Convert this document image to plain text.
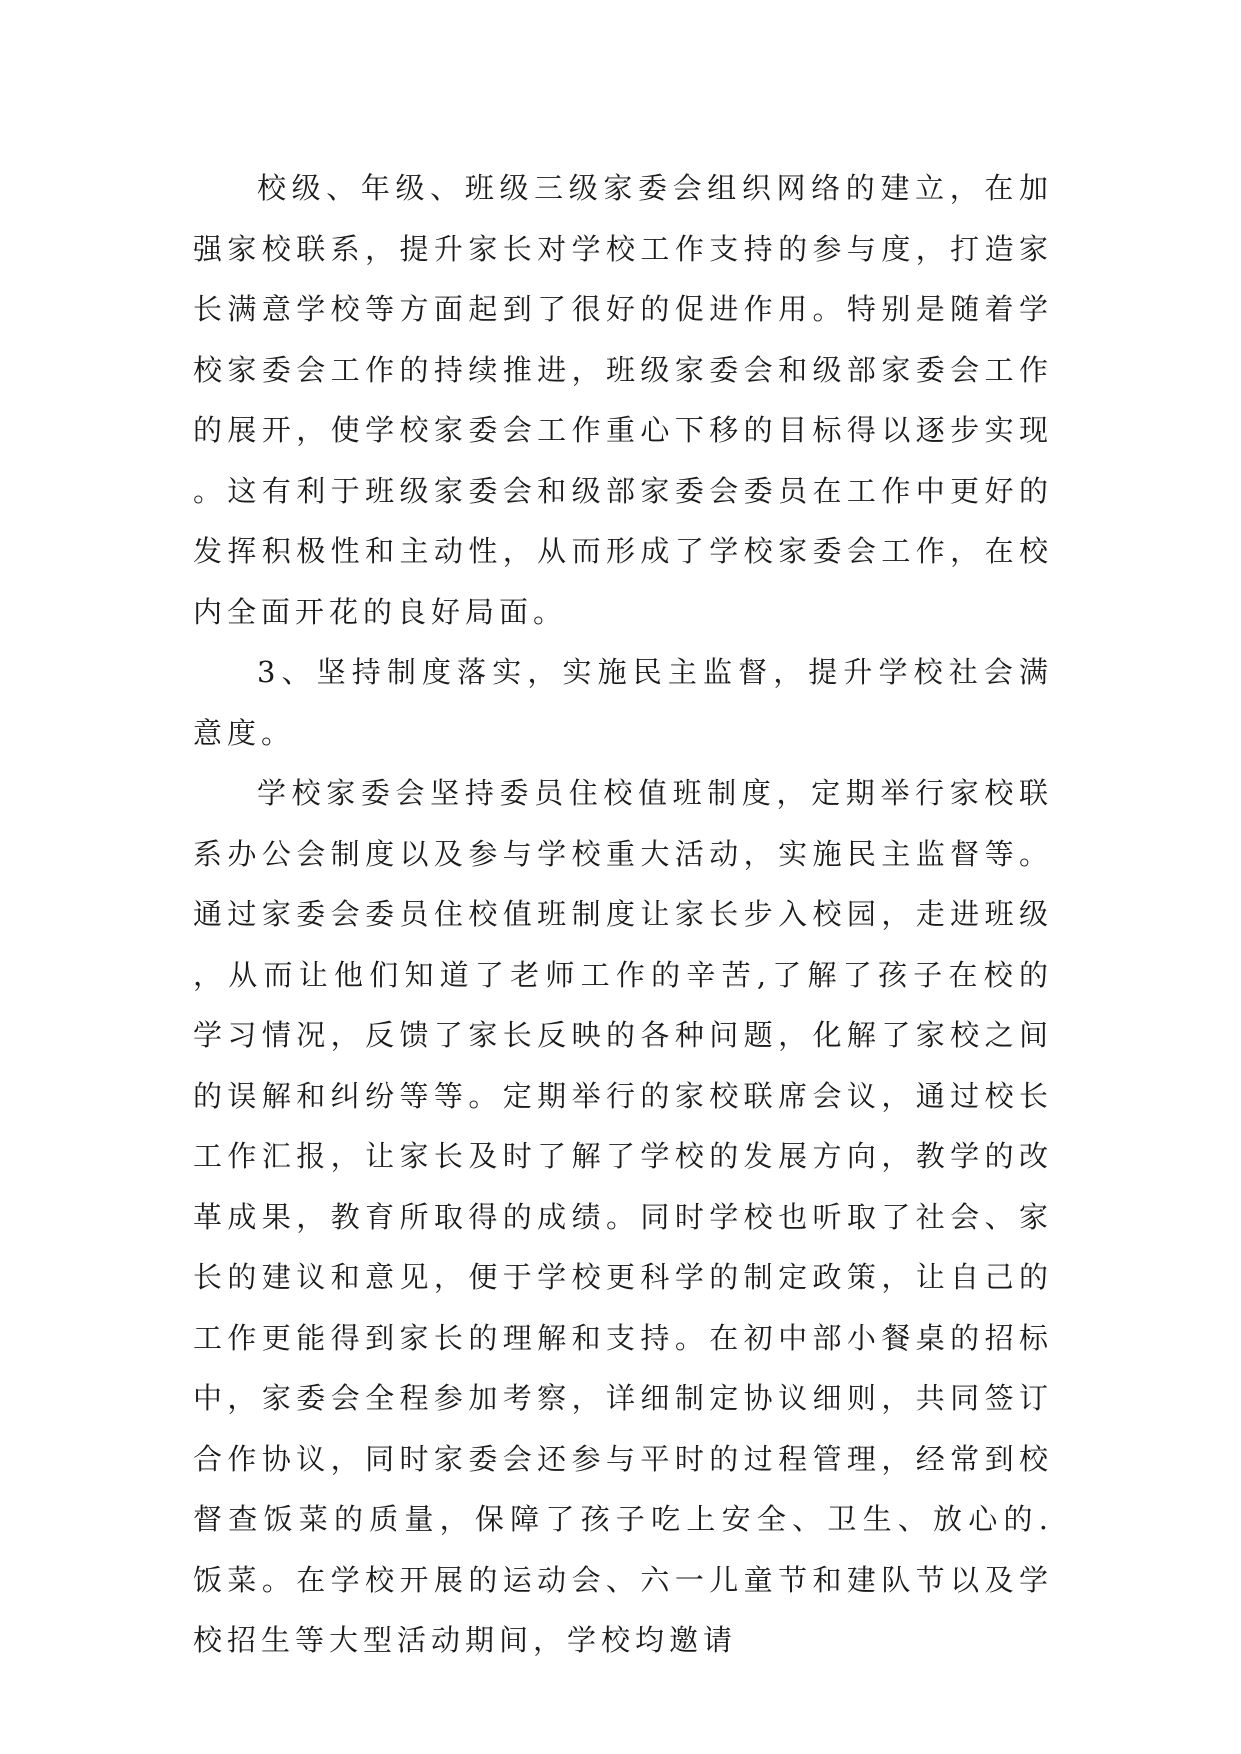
校级、年级、班级三级家委会组织网络的建立，在加强家校联系，提升家长对学校工作支持的参与度，打造家长满意学校等方面起到了很好的促进作用。特别是随着学校家委会工作的持续推进，班级家委会和级部家委会工作的展开，使学校家委会工作重心下移的目标得以逐步实现。这有利于班级家委会和级部家委会委员在工作中更好的发挥积极性和主动性，从而形成了学校家委会工作，在校内全面开花的良好局面。

3、坚持制度落实，实施民主监督，提升学校社会满意度。

学校家委会坚持委员住校值班制度，定期举行家校联系办公会制度以及参与学校重大活动，实施民主监督等。通过家委会委员住校值班制度让家长步入校园，走进班级，从而让他们知道了老师工作的辛苦,了解了孩子在校的学习情况，反馈了家长反映的各种问题，化解了家校之间的误解和纠纷等等。定期举行的家校联席会议，通过校长工作汇报，让家长及时了解了学校的发展方向，教学的改革成果，教育所取得的成绩。同时学校也听取了社会、家长的建议和意见，便于学校更科学的制定政策，让自己的工作更能得到家长的理解和支持。在初中部小餐桌的招标中，家委会全程参加考察，详细制定协议细则，共同签订合作协议，同时家委会还参与平时的过程管理，经常到校督查饭菜的质量，保障了孩子吃上安全、卫生、放心的.饭菜。在学校开展的运动会、六一儿童节和建队节以及学校招生等大型活动期间，学校均邀请
